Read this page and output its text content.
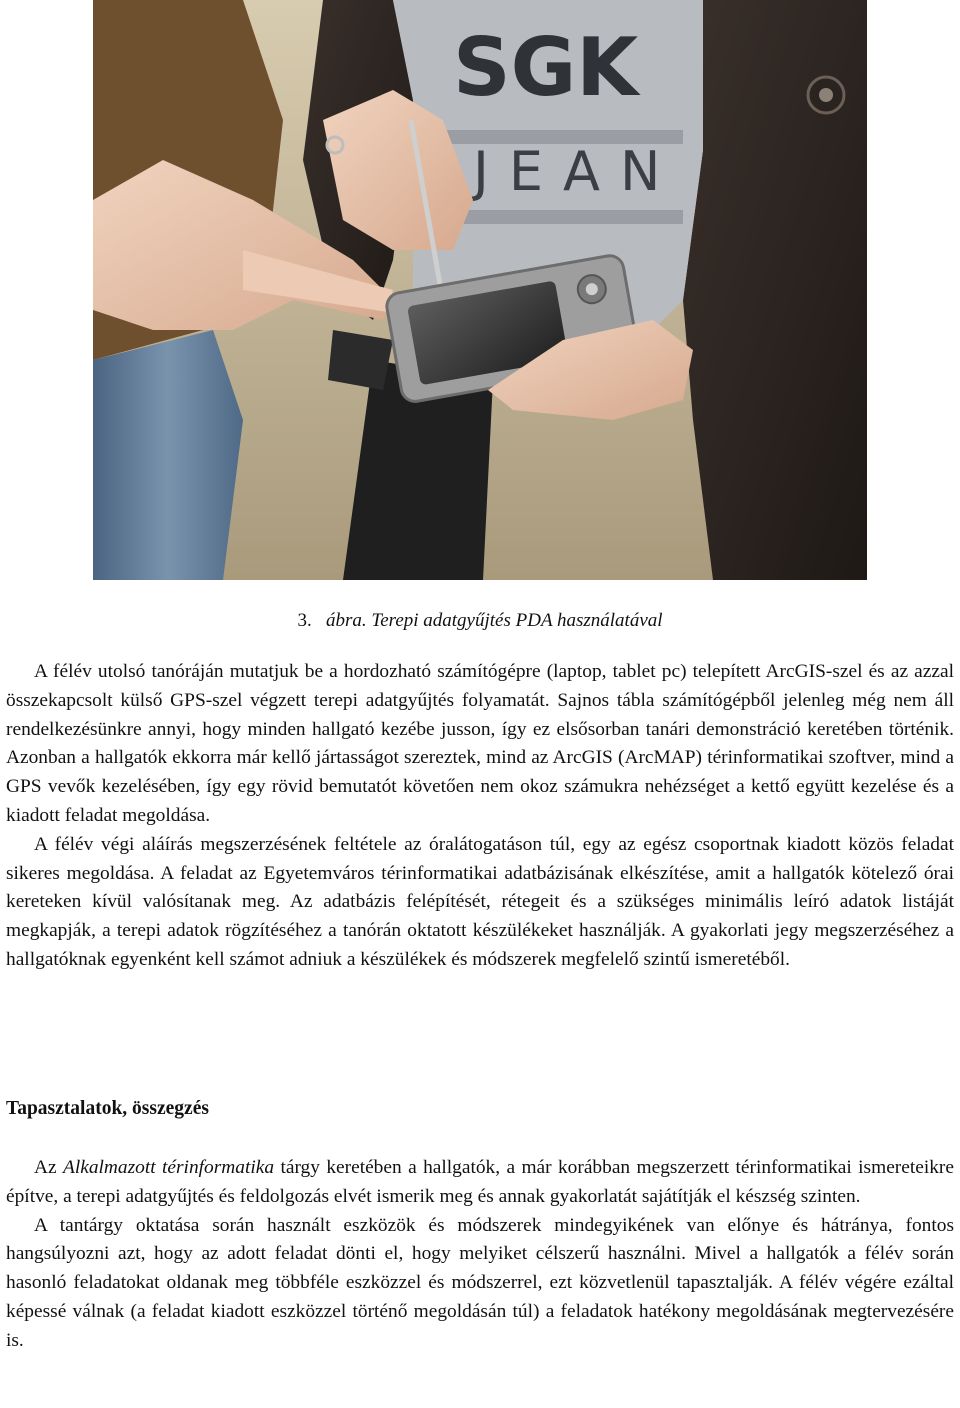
SGK
JEAN
3. ábra. Terepi adatgyűjtés PDA használatával

A félév utolsó tanóráján mutatjuk be a hordozható számítógépre (laptop, tablet pc) telepített ArcGIS-szel és az azzal összekapcsolt külső GPS-szel végzett terepi adatgyűjtés folyamatát. Sajnos tábla számítógépből jelenleg még nem áll rendelkezésünkre annyi, hogy minden hallgató kezébe jusson, így ez elsősorban tanári demonstráció keretében történik. Azonban a hallgatók ekkorra már kellő jártasságot szereztek, mind az ArcGIS (ArcMAP) térinformatikai szoftver, mind a GPS vevők kezelésében, így egy rövid bemutatót követően nem okoz számukra nehézséget a kettő együtt kezelése és a kiadott feladat megoldása.

A félév végi aláírás megszerzésének feltétele az óralátogatáson túl, egy az egész csoportnak kiadott közös feladat sikeres megoldása. A feladat az Egyetemváros térinformatikai adatbázisának elkészítése, amit a hallgatók kötelező órai kereteken kívül valósítanak meg. Az adatbázis felépítését, rétegeit és a szükséges minimális leíró adatok listáját megkapják, a terepi adatok rögzítéséhez a tanórán oktatott készülékeket használják. A gyakorlati jegy megszerzéséhez a hallgatóknak egyenként kell számot adniuk a készülékek és módszerek megfelelő szintű ismeretéből.

Tapasztalatok, összegzés

Az Alkalmazott térinformatika tárgy keretében a hallgatók, a már korábban megszerzett térinformatikai ismereteikre építve, a terepi adatgyűjtés és feldolgozás elvét ismerik meg és annak gyakorlatát sajátítják el készség szinten.

A tantárgy oktatása során használt eszközök és módszerek mindegyikének van előnye és hátránya, fontos hangsúlyozni azt, hogy az adott feladat dönti el, hogy melyiket célszerű használni. Mivel a hallgatók a félév során hasonló feladatokat oldanak meg többféle eszközzel és módszerrel, ezt közvetlenül tapasztalják. A félév végére ezáltal képessé válnak (a feladat kiadott eszközzel történő megoldásán túl) a feladatok hatékony megoldásának megtervezésére is.
